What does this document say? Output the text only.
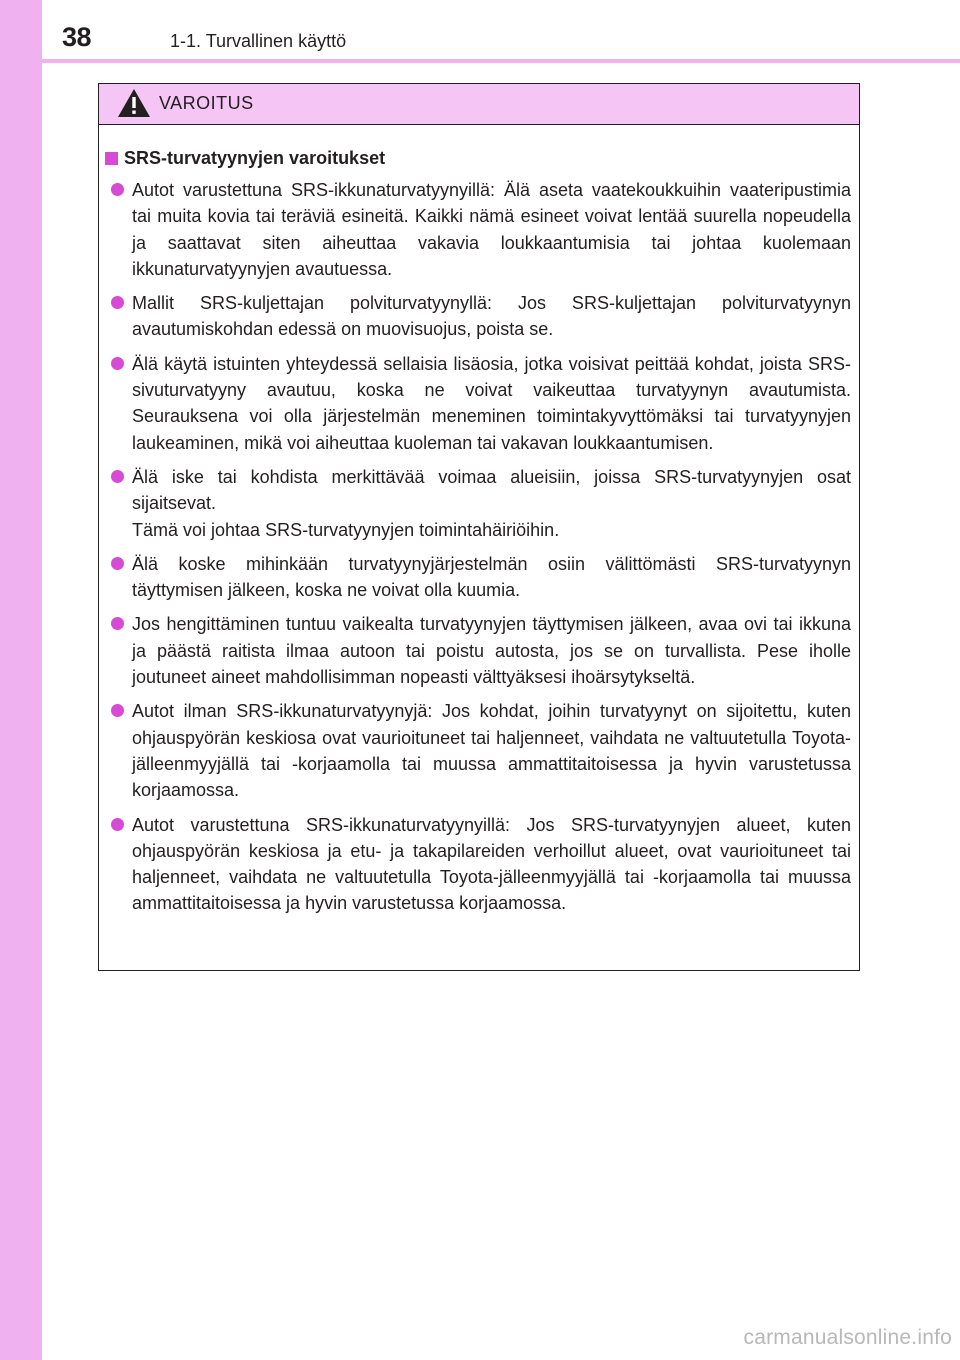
38	1-1. Turvallinen käyttö
VAROITUS
SRS-turvatyynyjen varoitukset
Autot varustettuna SRS-ikkunaturvatyynyillä: Älä aseta vaatekoukkuihin vaateripustimia tai muita kovia tai teräviä esineitä. Kaikki nämä esineet voivat lentää suurella nopeudella ja saattavat siten aiheuttaa vakavia loukkaantumisia tai johtaa kuolemaan ikkunaturvatyynyjen avautuessa.
Mallit SRS-kuljettajan polviturvatyynyllä: Jos SRS-kuljettajan polviturvatyynyn avautumiskohdan edessä on muovisuojus, poista se.
Älä käytä istuinten yhteydessä sellaisia lisäosia, jotka voisivat peittää kohdat, joista SRS-sivuturvatyyny avautuu, koska ne voivat vaikeuttaa turvatyynyn avautumista. Seurauksena voi olla järjestelmän meneminen toimintakyvyttömäksi tai turvatyynyjen laukeaminen, mikä voi aiheuttaa kuoleman tai vakavan loukkaantumisen.
Älä iske tai kohdista merkittävää voimaa alueisiin, joissa SRS-turvatyynyjen osat sijaitsevat.
Tämä voi johtaa SRS-turvatyynyjen toimintahäiriöihin.
Älä koske mihinkään turvatyynyjärjestelmän osiin välittömästi SRS-turvatyynyn täyttymisen jälkeen, koska ne voivat olla kuumia.
Jos hengittäminen tuntuu vaikealta turvatyynyjen täyttymisen jälkeen, avaa ovi tai ikkuna ja päästä raitista ilmaa autoon tai poistu autosta, jos se on turvallista. Pese iholle joutuneet aineet mahdollisimman nopeasti välttyäksesi ihoärsytykseltä.
Autot ilman SRS-ikkunaturvatyynyjä: Jos kohdat, joihin turvatyynyt on sijoitettu, kuten ohjauspyörän keskiosa ovat vaurioituneet tai haljenneet, vaihdata ne valtuutetulla Toyota-jälleenmyyjällä tai -korjaamolla tai muussa ammattitaitoisessa ja hyvin varustetussa korjaamossa.
Autot varustettuna SRS-ikkunaturvatyynyillä: Jos SRS-turvatyynyjen alueet, kuten ohjauspyörän keskiosa ja etu- ja takapilareiden verhoillut alueet, ovat vaurioituneet tai haljenneet, vaihdata ne valtuutetulla Toyota-jälleenmyyjällä tai -korjaamolla tai muussa ammattitaitoisessa ja hyvin varustetussa korjaamossa.
carmanualsonline.info
